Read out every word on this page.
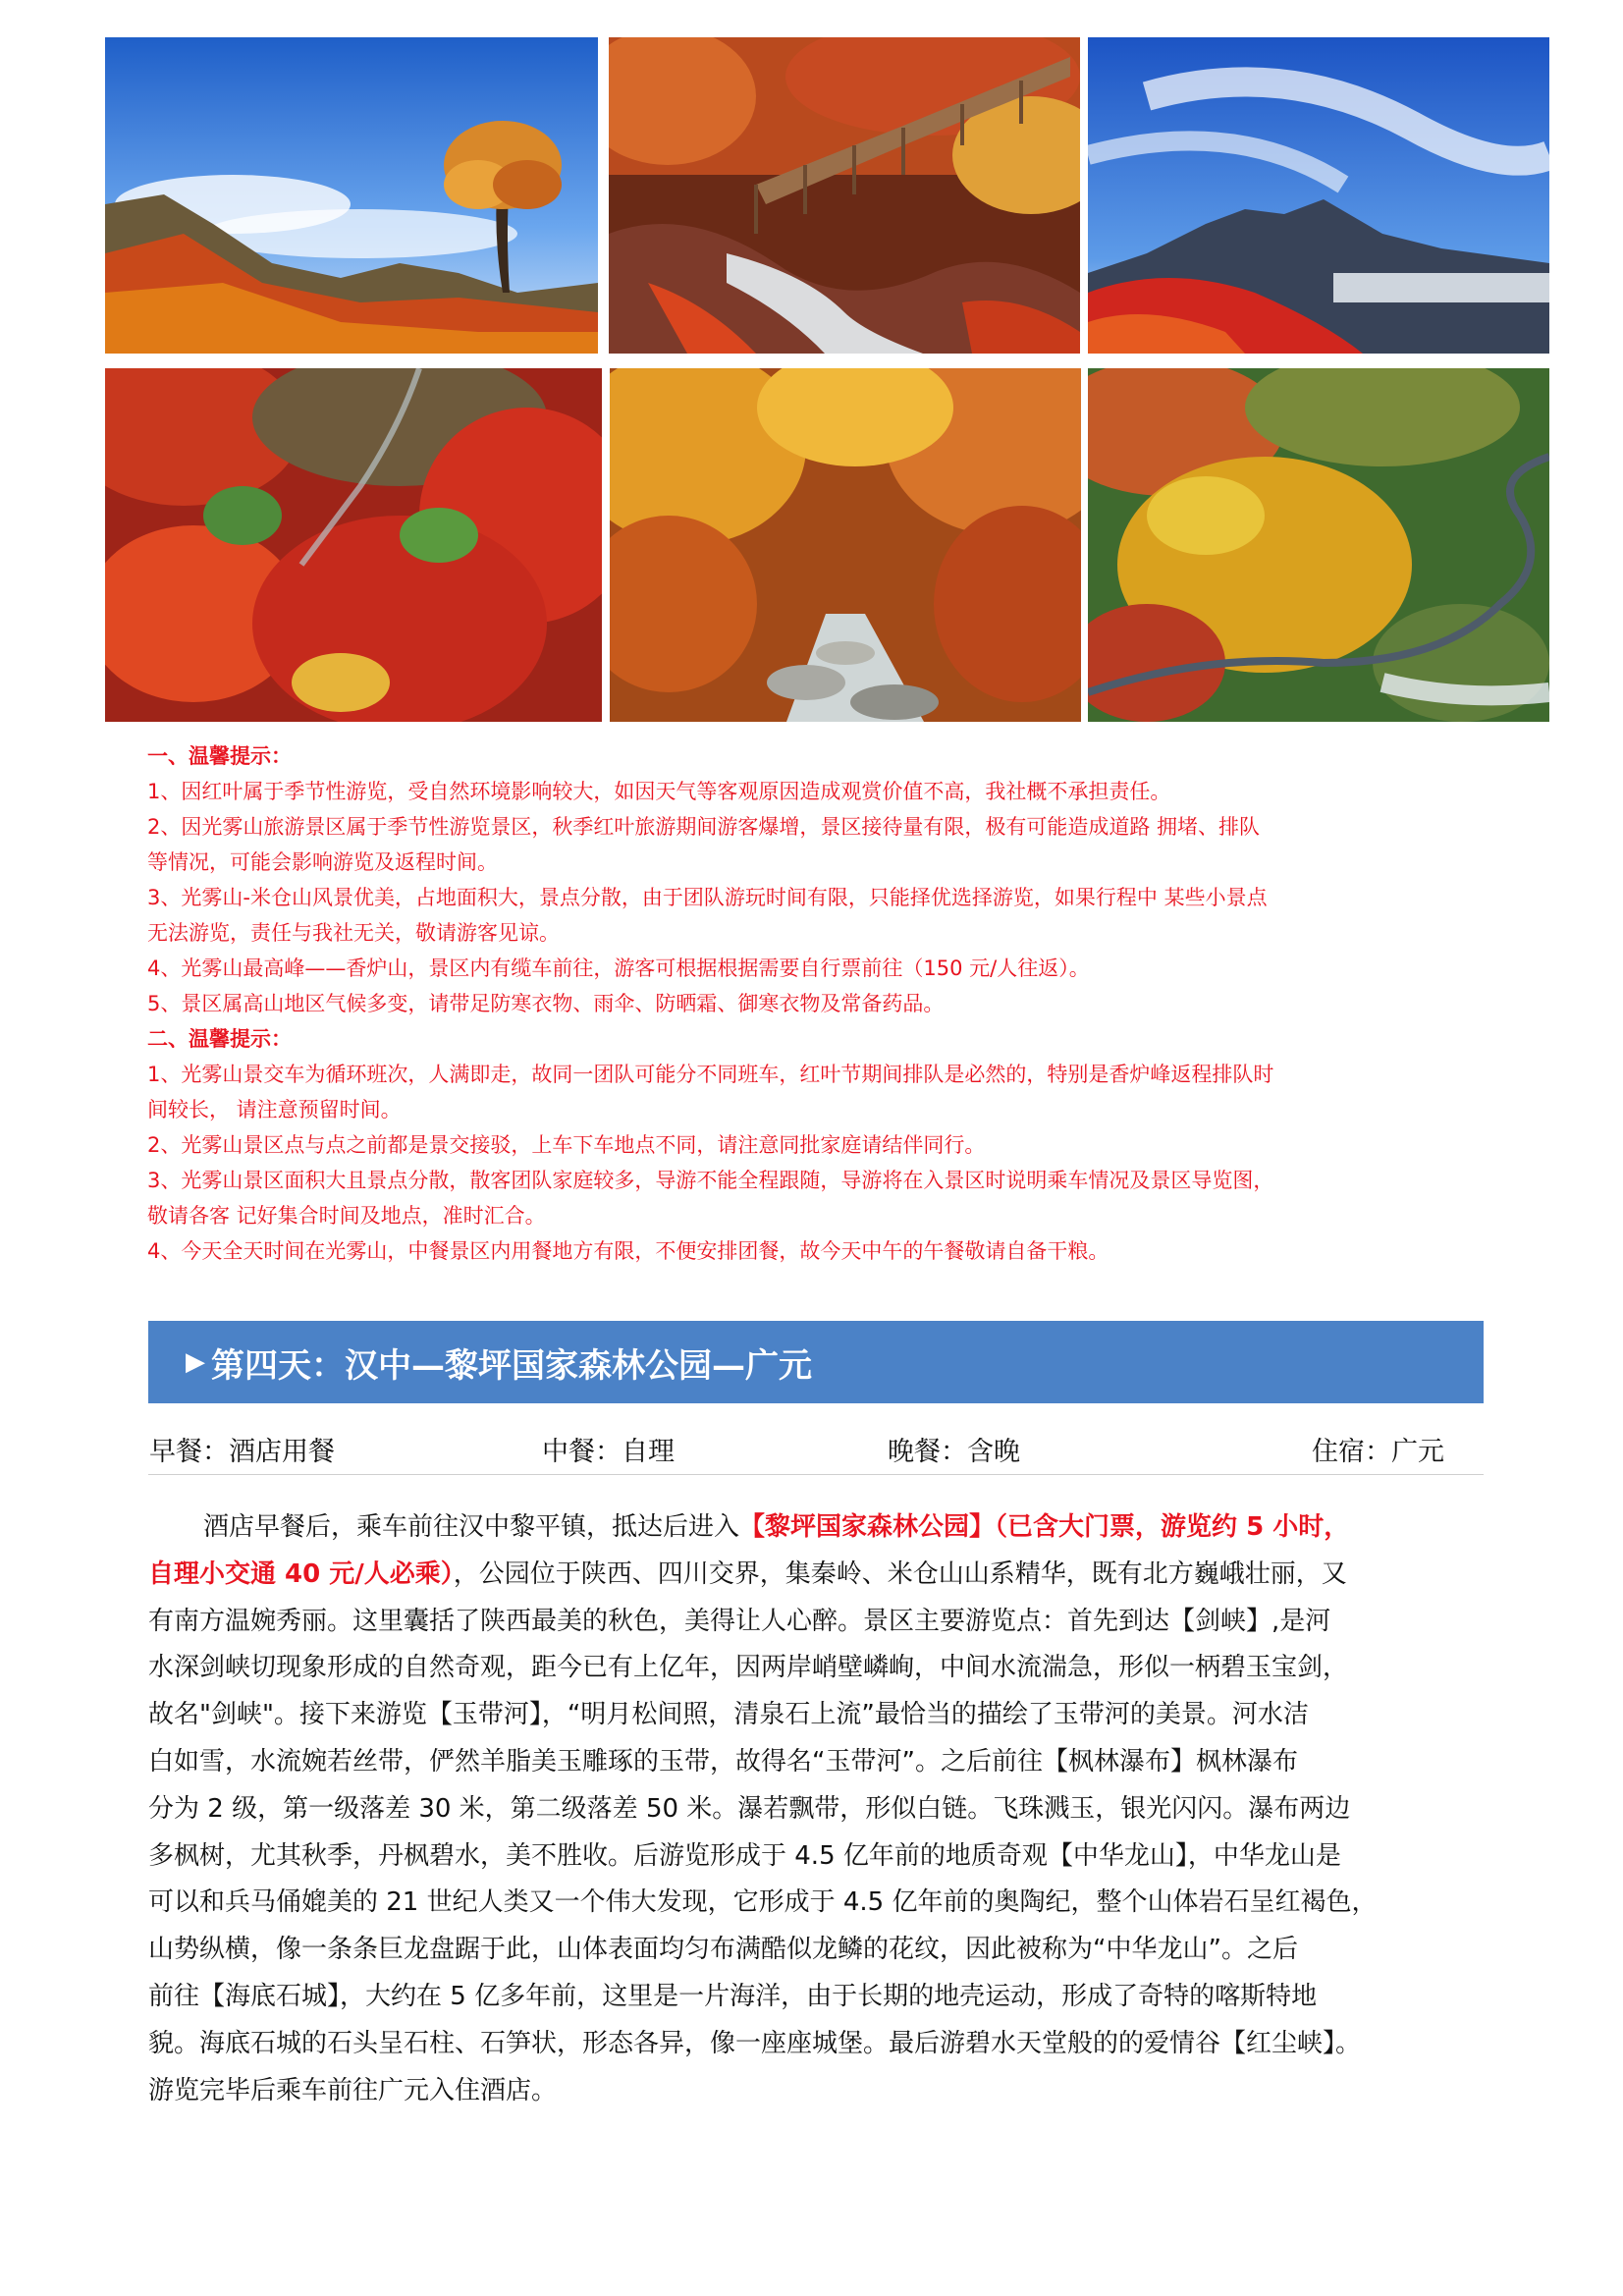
一、温馨提示：
1、因红叶属于季节性游览，受自然环境影响较大，如因天气等客观原因造成观赏价值不高，我社概不承担责任。
2、因光雾山旅游景区属于季节性游览景区，秋季红叶旅游期间游客爆增，景区接待量有限，极有可能造成道路 拥堵、排队
等情况，可能会影响游览及返程时间。
3、光雾山-米仓山风景优美，占地面积大，景点分散，由于团队游玩时间有限，只能择优选择游览，如果行程中 某些小景点
无法游览，责任与我社无关，敬请游客见谅。
4、光雾山最高峰——香炉山，景区内有缆车前往，游客可根据根据需要自行票前往（150 元/人往返）。
5、景区属高山地区气候多变，请带足防寒衣物、雨伞、防晒霜、御寒衣物及常备药品。
二、温馨提示：
1、光雾山景交车为循环班次，人满即走，故同一团队可能分不同班车，红叶节期间排队是必然的，特别是香炉峰返程排队时
间较长， 请注意预留时间。
2、光雾山景区点与点之前都是景交接驳，上车下车地点不同，请注意同批家庭请结伴同行。
3、光雾山景区面积大且景点分散，散客团队家庭较多，导游不能全程跟随，导游将在入景区时说明乘车情况及景区导览图，
敬请各客 记好集合时间及地点，准时汇合。
4、今天全天时间在光雾山，中餐景区内用餐地方有限，不便安排团餐，故今天中午的午餐敬请自备干粮。
▶ 第四天：汉中—黎坪国家森林公园—广元
早餐：酒店用餐	中餐：自理	晚餐：含晚	住宿：广元
酒店早餐后，乘车前往汉中黎平镇，抵达后进入【黎坪国家森林公园】（已含大门票，游览约 5 小时，
自理小交通 40 元/人必乘），公园位于陕西、四川交界，集秦岭、米仓山山系精华，既有北方巍峨壮丽，又
有南方温婉秀丽。这里囊括了陕西最美的秋色，美得让人心醉。景区主要游览点：首先到达【剑峡】,是河
水深剑峡切现象形成的自然奇观，距今已有上亿年，因两岸峭壁嶙峋，中间水流湍急，形似一柄碧玉宝剑，
故名"剑峡"。接下来游览【玉带河】，“明月松间照，清泉石上流”最恰当的描绘了玉带河的美景。河水洁
白如雪，水流婉若丝带，俨然羊脂美玉雕琢的玉带，故得名“玉带河”。之后前往【枫林瀑布】枫林瀑布
分为 2 级，第一级落差 30 米，第二级落差 50 米。瀑若飘带，形似白链。飞珠溅玉，银光闪闪。瀑布两边
多枫树，尤其秋季，丹枫碧水，美不胜收。后游览形成于 4.5 亿年前的地质奇观【中华龙山】，中华龙山是
可以和兵马俑媲美的 21 世纪人类又一个伟大发现，它形成于 4.5 亿年前的奥陶纪，整个山体岩石呈红褐色，
山势纵横，像一条条巨龙盘踞于此，山体表面均匀布满酷似龙鳞的花纹，因此被称为“中华龙山”。之后
前往【海底石城】，大约在 5 亿多年前，这里是一片海洋，由于长期的地壳运动，形成了奇特的喀斯特地
貌。海底石城的石头呈石柱、石笋状，形态各异，像一座座城堡。最后游碧水天堂般的的爱情谷【红尘峡】。
游览完毕后乘车前往广元入住酒店。
